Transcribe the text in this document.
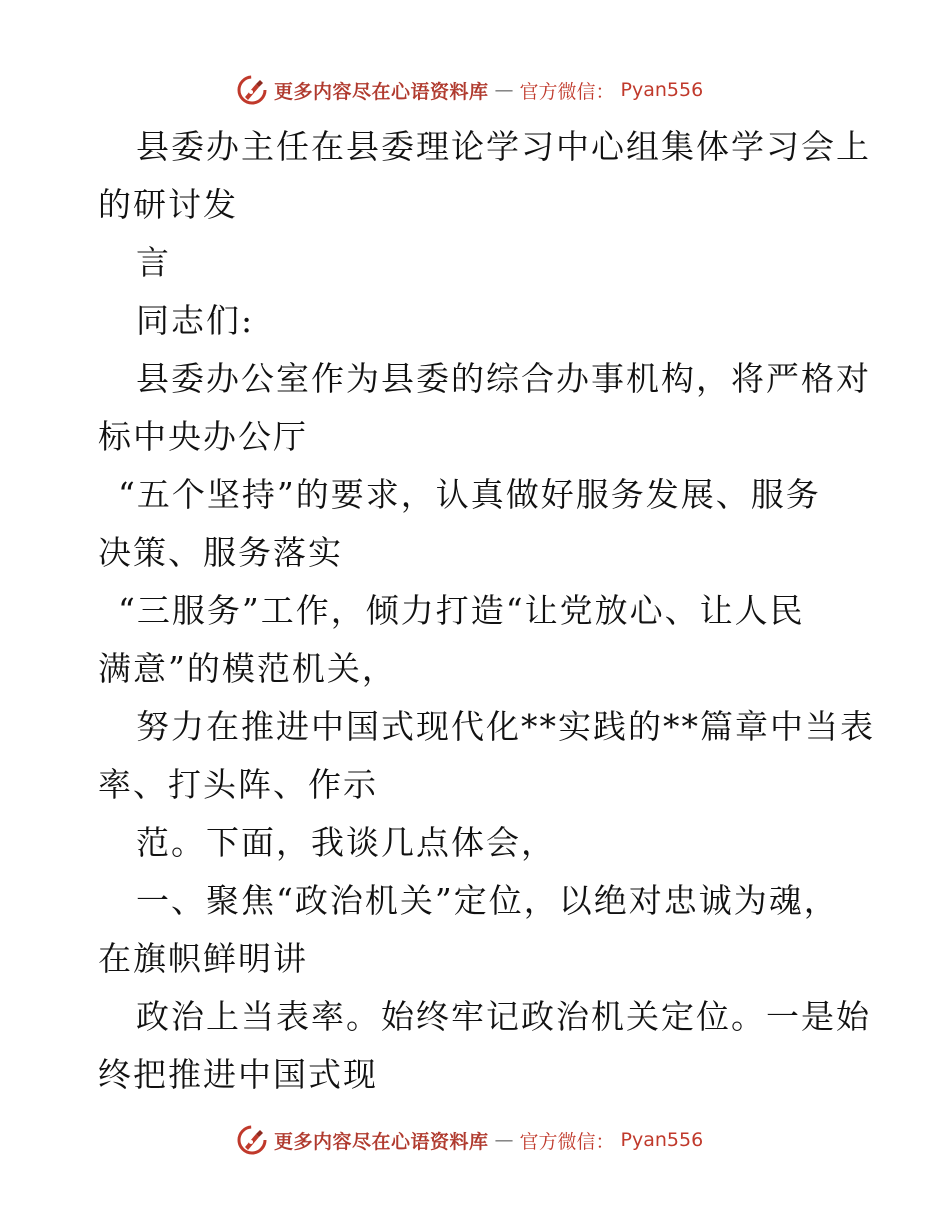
更多内容尽在心语资料库 — 官方微信： Pyan556
县委办主任在县委理论学习中心组集体学习会上
的研讨发
言
同志们:
县委办公室作为县委的综合办事机构，将严格对
标中央办公厅
“五个坚持”的要求，认真做好服务发展、服务
决策、服务落实
“三服务”工作，倾力打造“让党放心、让人民
满意”的模范机关，
努力在推进中国式现代化**实践的**篇章中当表
率、打头阵、作示
范。下面，我谈几点体会，
一、聚焦“政治机关”定位，以绝对忠诚为魂，
在旗帜鲜明讲
政治上当表率。始终牢记政治机关定位。一是始
终把推进中国式现
更多内容尽在心语资料库 — 官方微信： Pyan556
